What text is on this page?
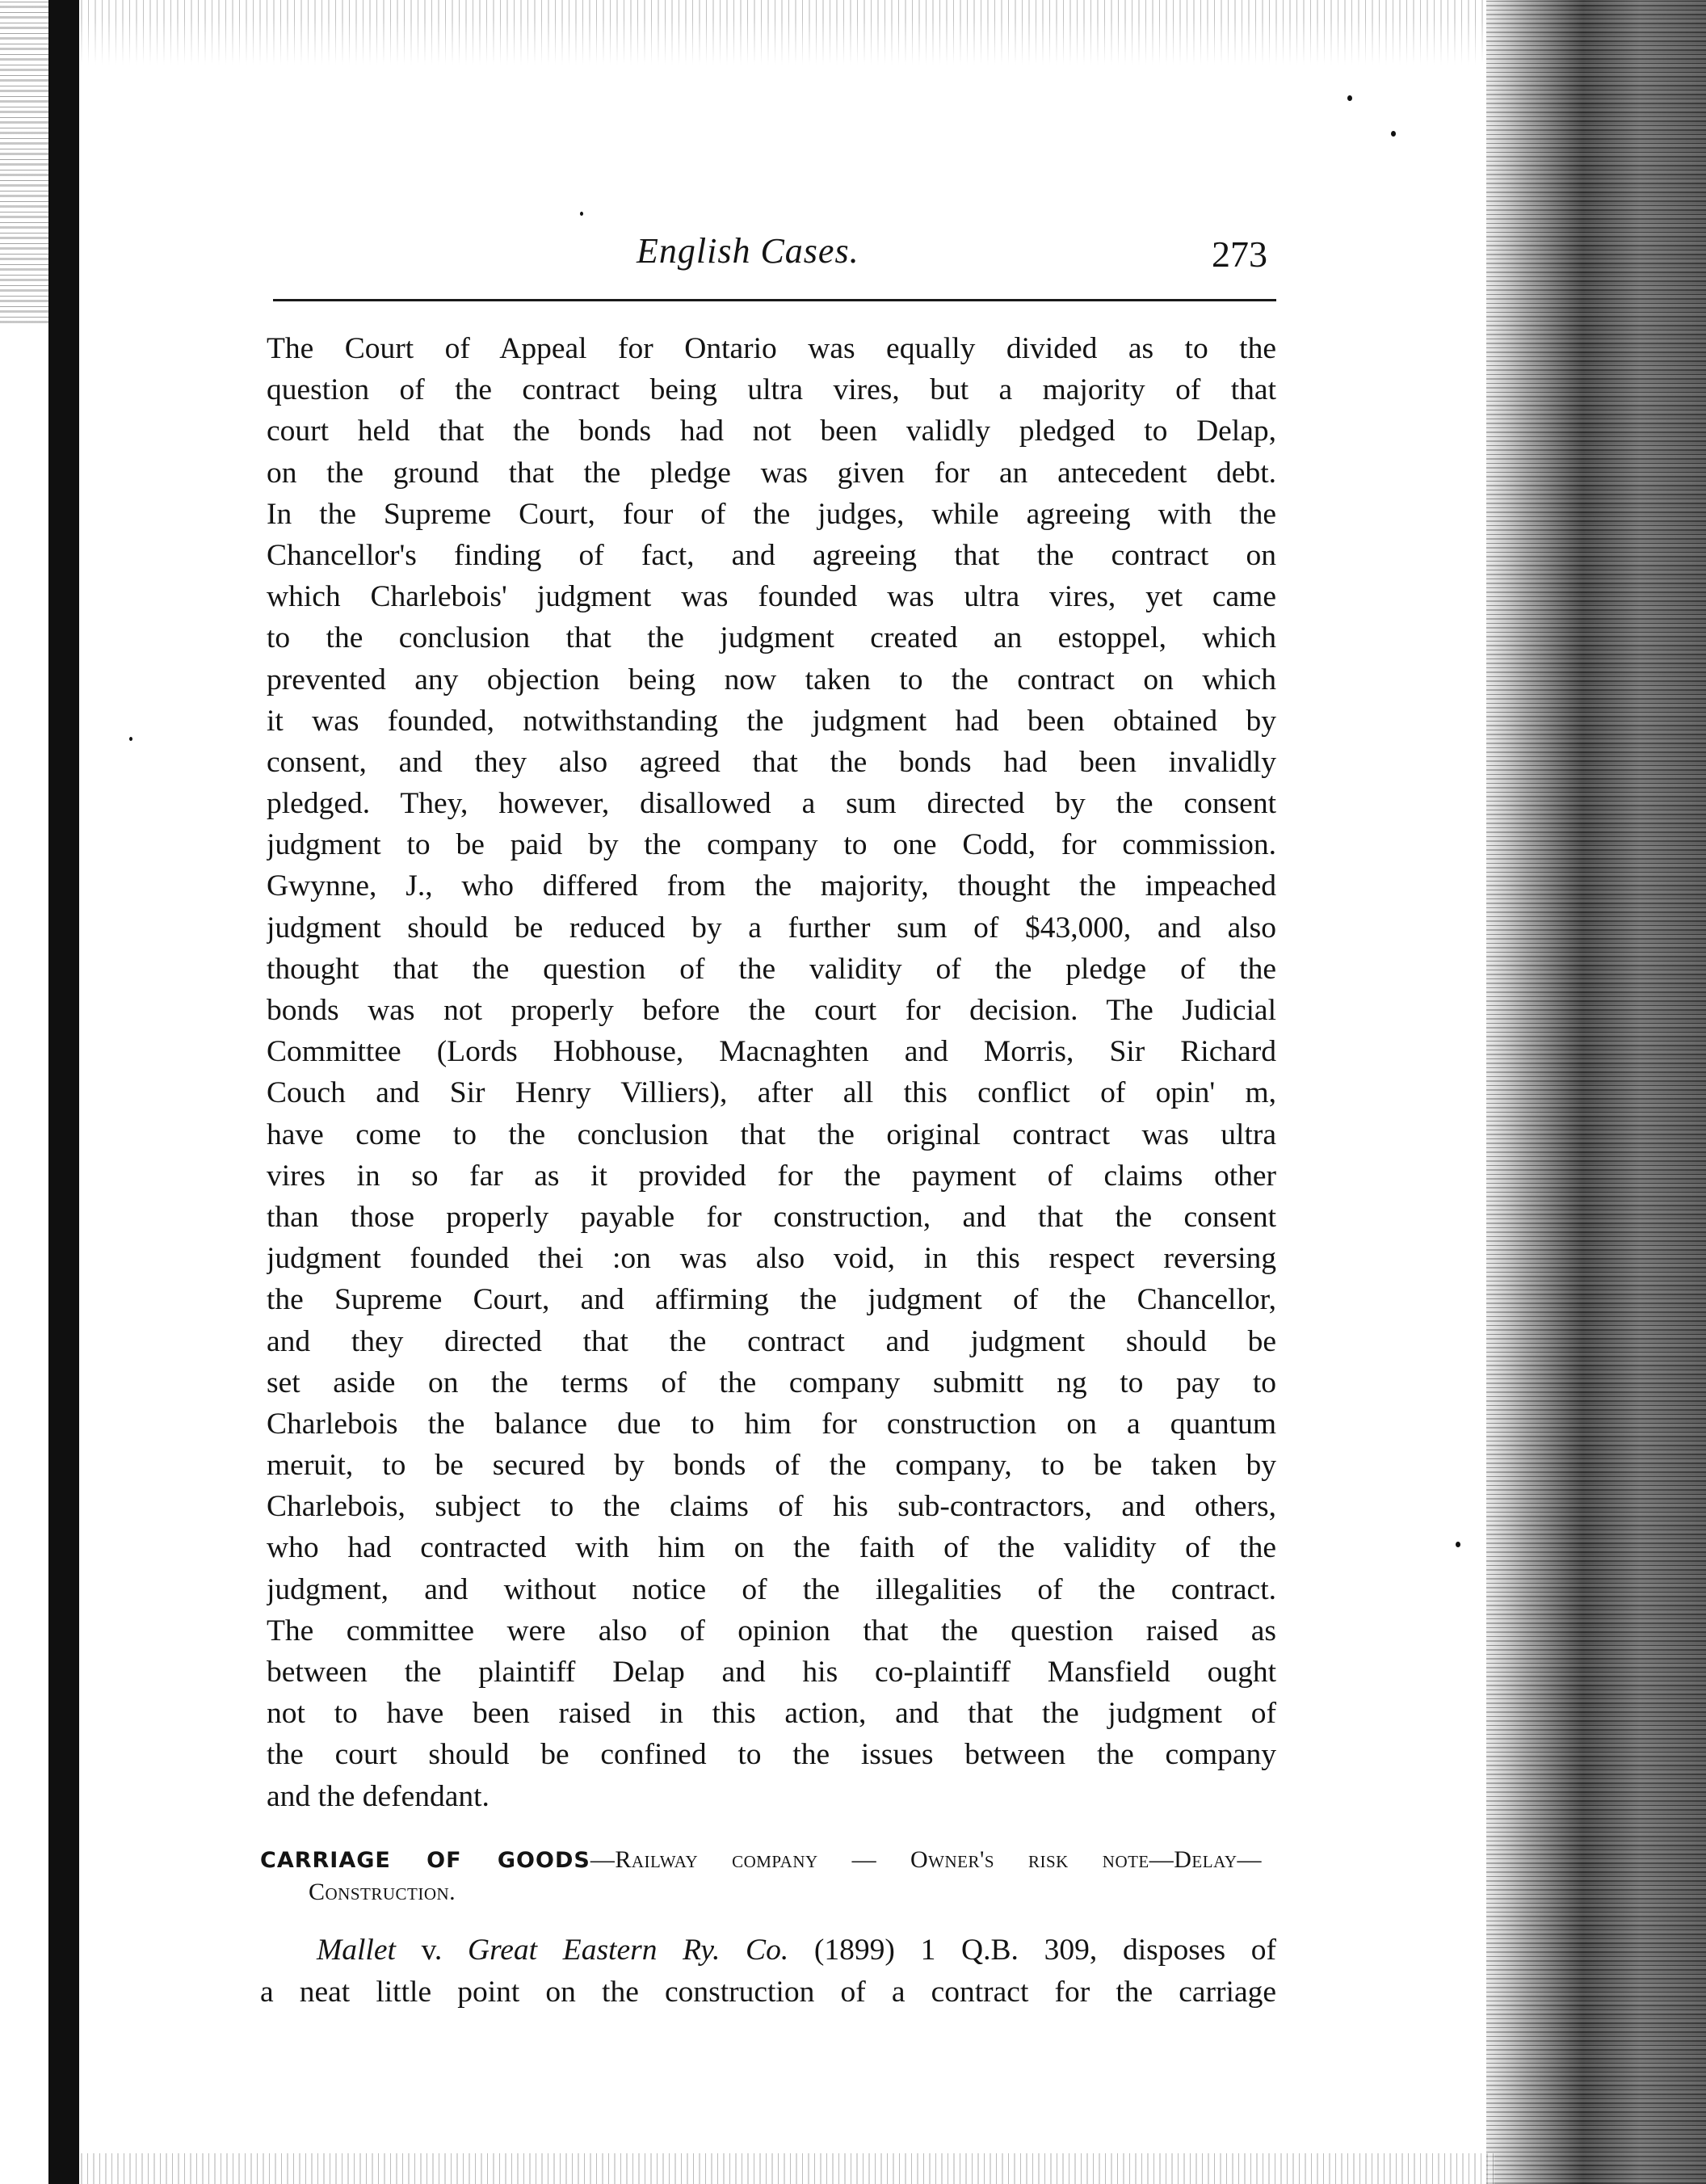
English Cases.	273
The Court of Appeal for Ontario was equally divided as to the
question of the contract being ultra vires, but a majority of that
court held that the bonds had not been validly pledged to Delap,
on the ground that the pledge was given for an antecedent debt.
In the Supreme Court, four of the judges, while agreeing with the
Chancellor's finding of fact, and agreeing that the contract on
which Charlebois' judgment was founded was ultra vires, yet came
to the conclusion that the judgment created an estoppel, which
prevented any objection being now taken to the contract on which
it was founded, notwithstanding the judgment had been obtained by
consent, and they also agreed that the bonds had been invalidly
pledged. They, however, disallowed a sum directed by the consent
judgment to be paid by the company to one Codd, for commission.
Gwynne, J., who differed from the majority, thought the impeached
judgment should be reduced by a further sum of $43,000, and also
thought that the question of the validity of the pledge of the
bonds was not properly before the court for decision. The Judicial
Committee (Lords Hobhouse, Macnaghten and Morris, Sir Richard
Couch and Sir Henry Villiers), after all this conflict of opin' m,
have come to the conclusion that the original contract was ultra
vires in so far as it provided for the payment of claims other
than those properly payable for construction, and that the consent
judgment founded thei :on was also void, in this respect reversing
the Supreme Court, and affirming the judgment of the Chancellor,
and they directed that the contract and judgment should be
set aside on the terms of the company submitt ng to pay to
Charlebois the balance due to him for construction on a quantum
meruit, to be secured by bonds of the company, to be taken by
Charlebois, subject to the claims of his sub-contractors, and others,
who had contracted with him on the faith of the validity of the
judgment, and without notice of the illegalities of the contract.
The committee were also of opinion that the question raised as
between the plaintiff Delap and his co-plaintiff Mansfield ought
not to have been raised in this action, and that the judgment of
the court should be confined to the issues between the company
and the defendant.
CARRIAGE OF GOODS—Railway company — Owner's risk note—Delay—
Construction.
Mallet v. Great Eastern Ry. Co. (1899) 1 Q.B. 309, disposes of
a neat little point on the construction of a contract for the carriage
